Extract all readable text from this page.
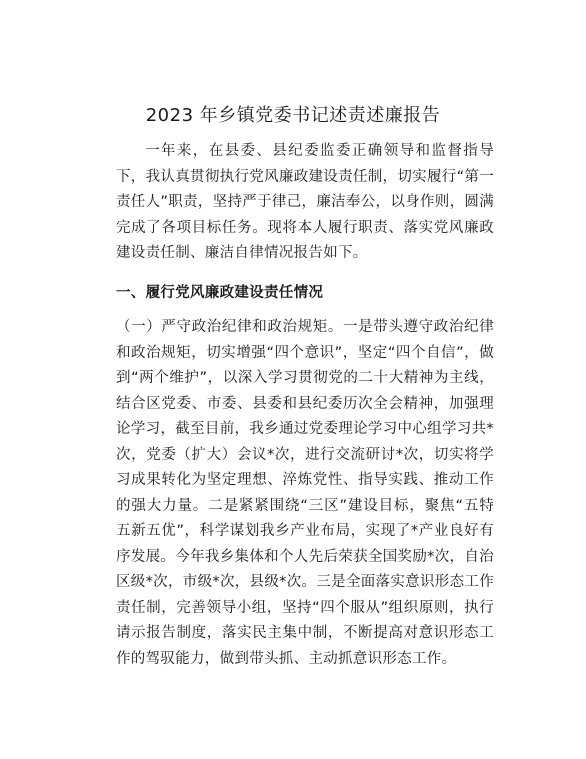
2023 年乡镇党委书记述责述廉报告

一年来，在县委、县纪委监委正确领导和监督指导下，我认真贯彻执行党风廉政建设责任制，切实履行“第一责任人”职责，坚持严于律己，廉洁奉公，以身作则，圆满完成了各项目标任务。现将本人履行职责、落实党风廉政建设责任制、廉洁自律情况报告如下。

一、履行党风廉政建设责任情况

（一）严守政治纪律和政治规矩。一是带头遵守政治纪律和政治规矩，切实增强“四个意识”，坚定“四个自信”，做到“两个维护”，以深入学习贯彻党的二十大精神为主线，结合区党委、市委、县委和县纪委历次全会精神，加强理论学习，截至目前，我乡通过党委理论学习中心组学习共*次，党委（扩大）会议*次，进行交流研讨*次，切实将学习成果转化为坚定理想、淬炼党性、指导实践、推动工作的强大力量。二是紧紧围绕“三区”建设目标，聚焦“五特五新五优”，科学谋划我乡产业布局，实现了*产业良好有序发展。今年我乡集体和个人先后荣获全国奖励*次，自治区级*次，市级*次，县级*次。三是全面落实意识形态工作责任制，完善领导小组，坚持“四个服从”组织原则，执行请示报告制度，落实民主集中制，不断提高对意识形态工作的驾驭能力，做到带头抓、主动抓意识形态工作。
